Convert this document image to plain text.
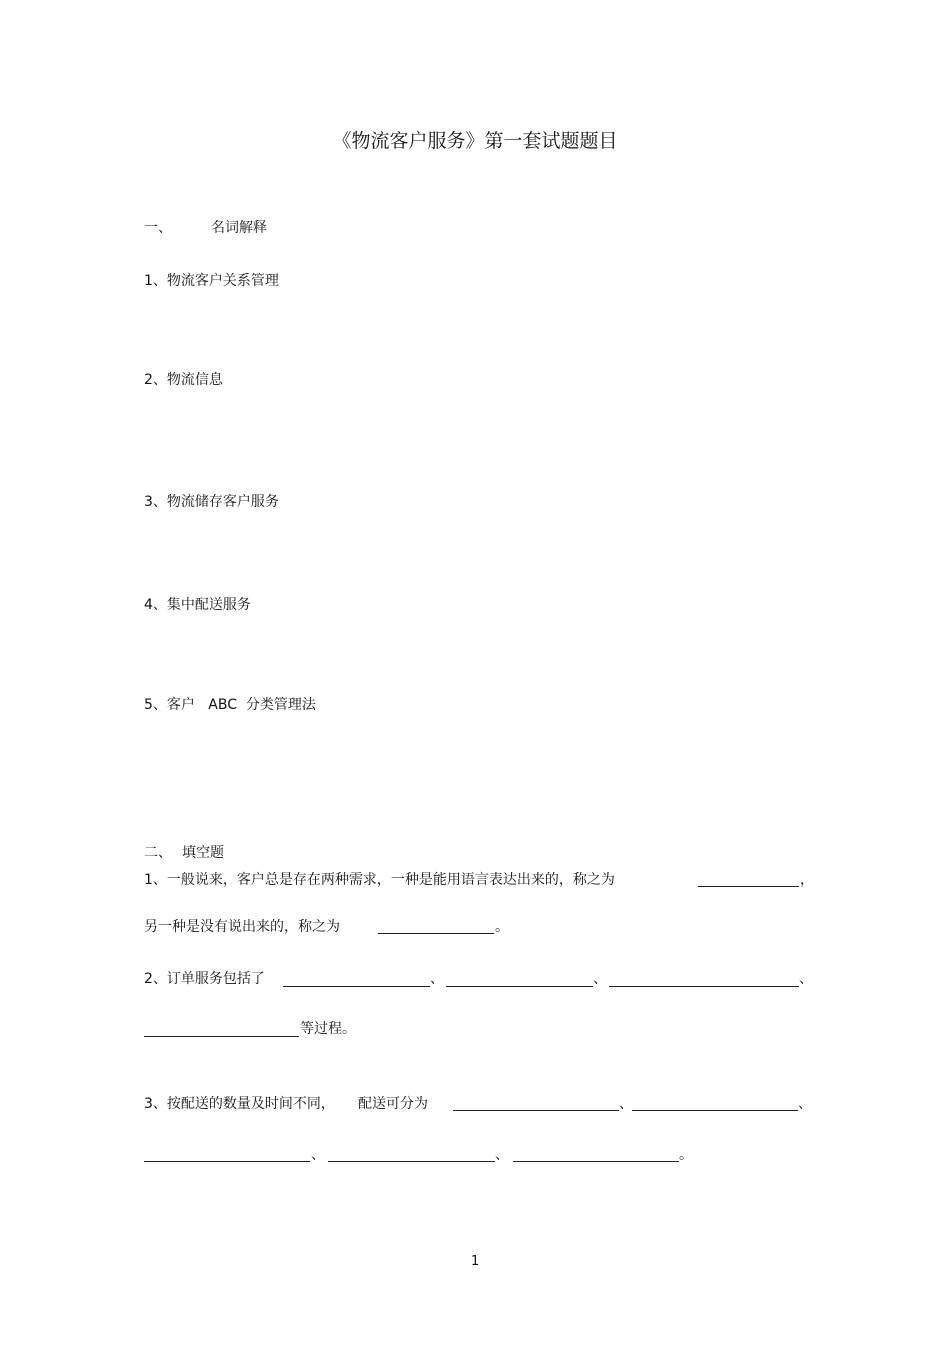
《物流客户服务》第一套试题题目
一、	名词解释
1、物流客户关系管理
2、物流信息
3、物流储存客户服务
4、集中配送服务
5、客户   ABC  分类管理法
二、 填空题
1、一般说来，客户总是存在两种需求，一种是能用语言表达出来的，称之为	，
另一种是没有说出来的，称之为	。
2、订单服务包括了	、	、	、
等过程。
3、按配送的数量及时间不同， 配送可分为	、	、
、	、	。
1
